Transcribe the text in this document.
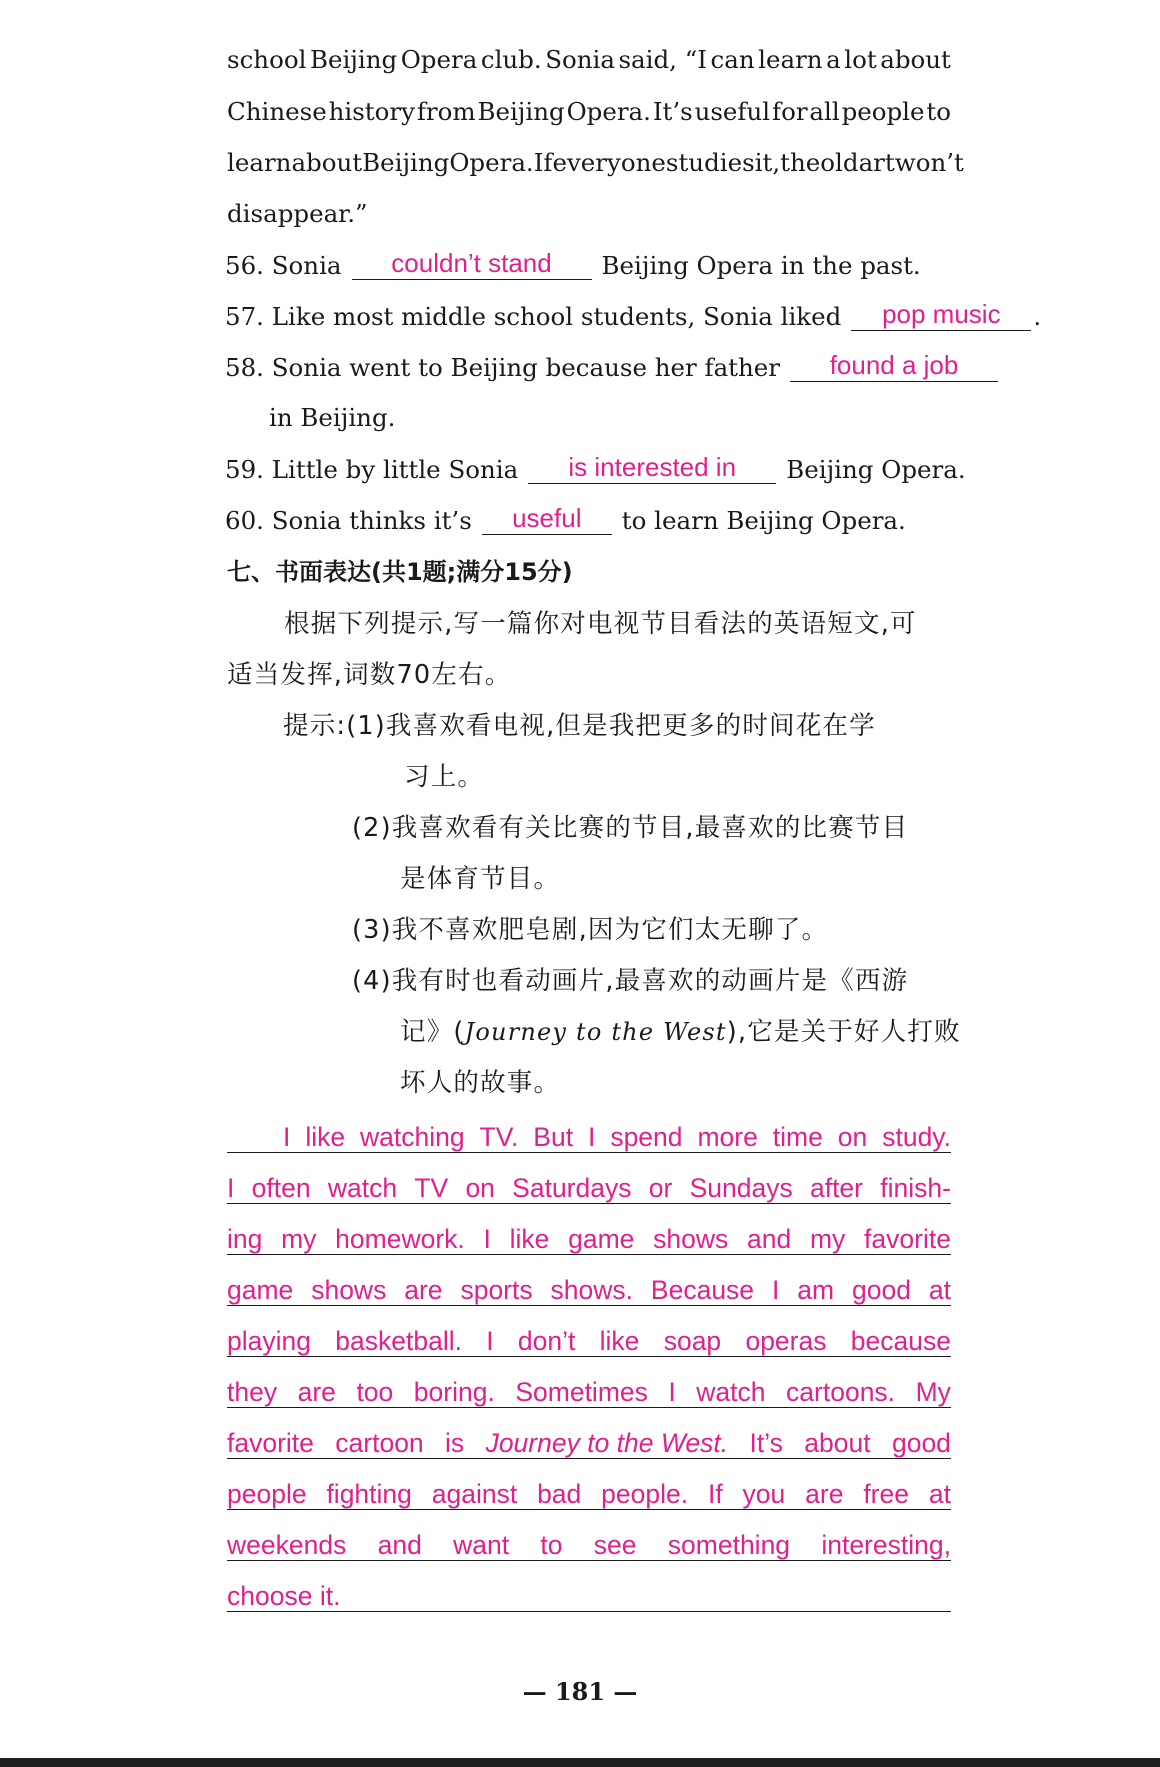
school Beijing Opera club. Sonia said, “I can learn a lot about
Chinese history from Beijing Opera. It’s useful for all people to
learn about Beijing Opera. If everyone studies it, the old art won’t
disappear.”
56. Sonia	couldn’t stand	Beijing Opera in the past.
57. Like most middle school students, Sonia liked	pop music	.
58. Sonia went to Beijing because her father	found a job
in Beijing.
59. Little by little Sonia	is interested in	Beijing Opera.
60. Sonia thinks it’s	useful	to learn Beijing Opera.
七、书面表达(共1题;满分15分)
根据下列提示,写一篇你对电视节目看法的英语短文,可
适当发挥,词数70左右。
提示:(1)我喜欢看电视,但是我把更多的时间花在学
习上。
(2)我喜欢看有关比赛的节目,最喜欢的比赛节目
是体育节目。
(3)我不喜欢肥皂剧,因为它们太无聊了。
(4)我有时也看动画片,最喜欢的动画片是《西游
记》(Journey to the West),它是关于好人打败
坏人的故事。
I like watching TV. But I spend more time on study.
I often watch TV on Saturdays or Sundays after finish-
ing my homework. I like game shows and my favorite
game shows are sports shows. Because I am good at
playing basketball. I don’t like soap operas because
they are too boring. Sometimes I watch cartoons. My
favorite cartoon is Journey to the West. It’s about good
people fighting against bad people. If you are free at
weekends and want to see something interesting,
choose it.
— 181 —
